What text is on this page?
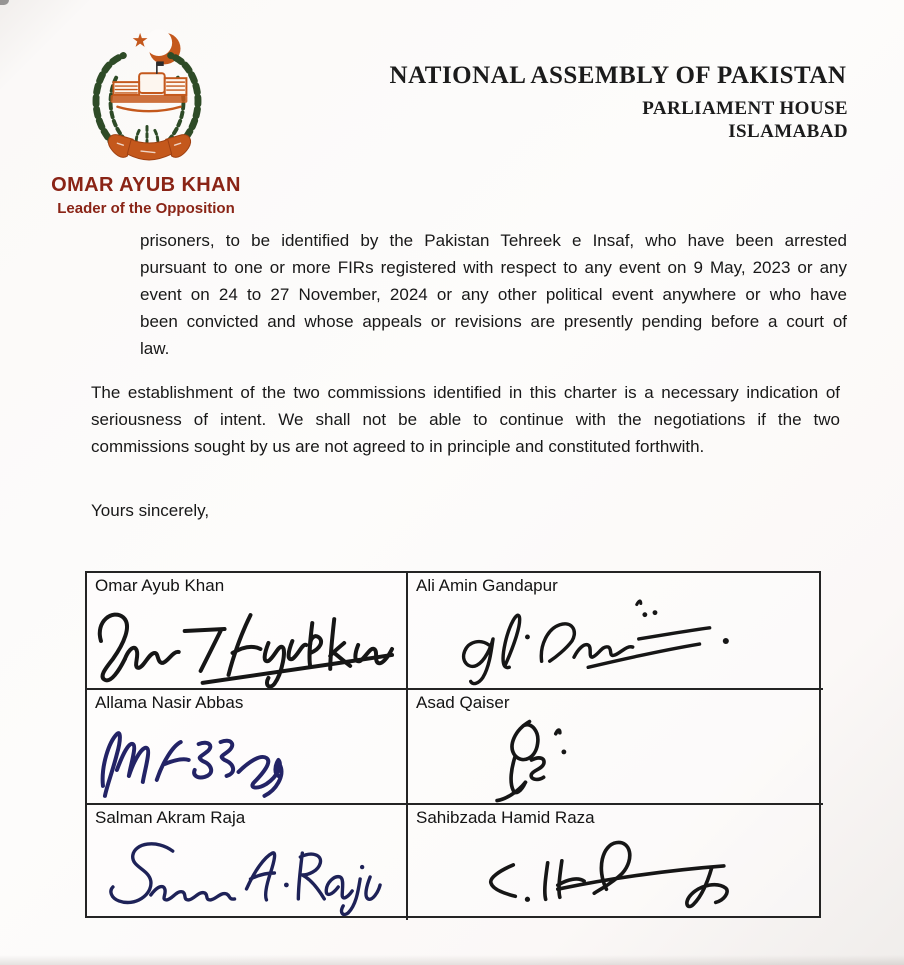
OMAR AYUB KHAN
Leader of the Opposition
NATIONAL ASSEMBLY OF PAKISTAN
PARLIAMENT HOUSE
ISLAMABAD
prisoners, to be identified by the Pakistan Tehreek e Insaf, who have been arrested
pursuant to one or more FIRs registered with respect to any event on 9 May, 2023 or any
event on 24 to 27 November, 2024 or any other political event anywhere or who have
been convicted and whose appeals or revisions are presently pending before a court of
law.
The establishment of the two commissions identified in this charter is a necessary indication of
seriousness of intent. We shall not be able to continue with the negotiations if the two
commissions sought by us are not agreed to in principle and constituted forthwith.
Yours sincerely,
Omar Ayub Khan	Ali Amin Gandapur
Allama Nasir Abbas	Asad Qaiser
Salman Akram Raja	Sahibzada Hamid Raza
